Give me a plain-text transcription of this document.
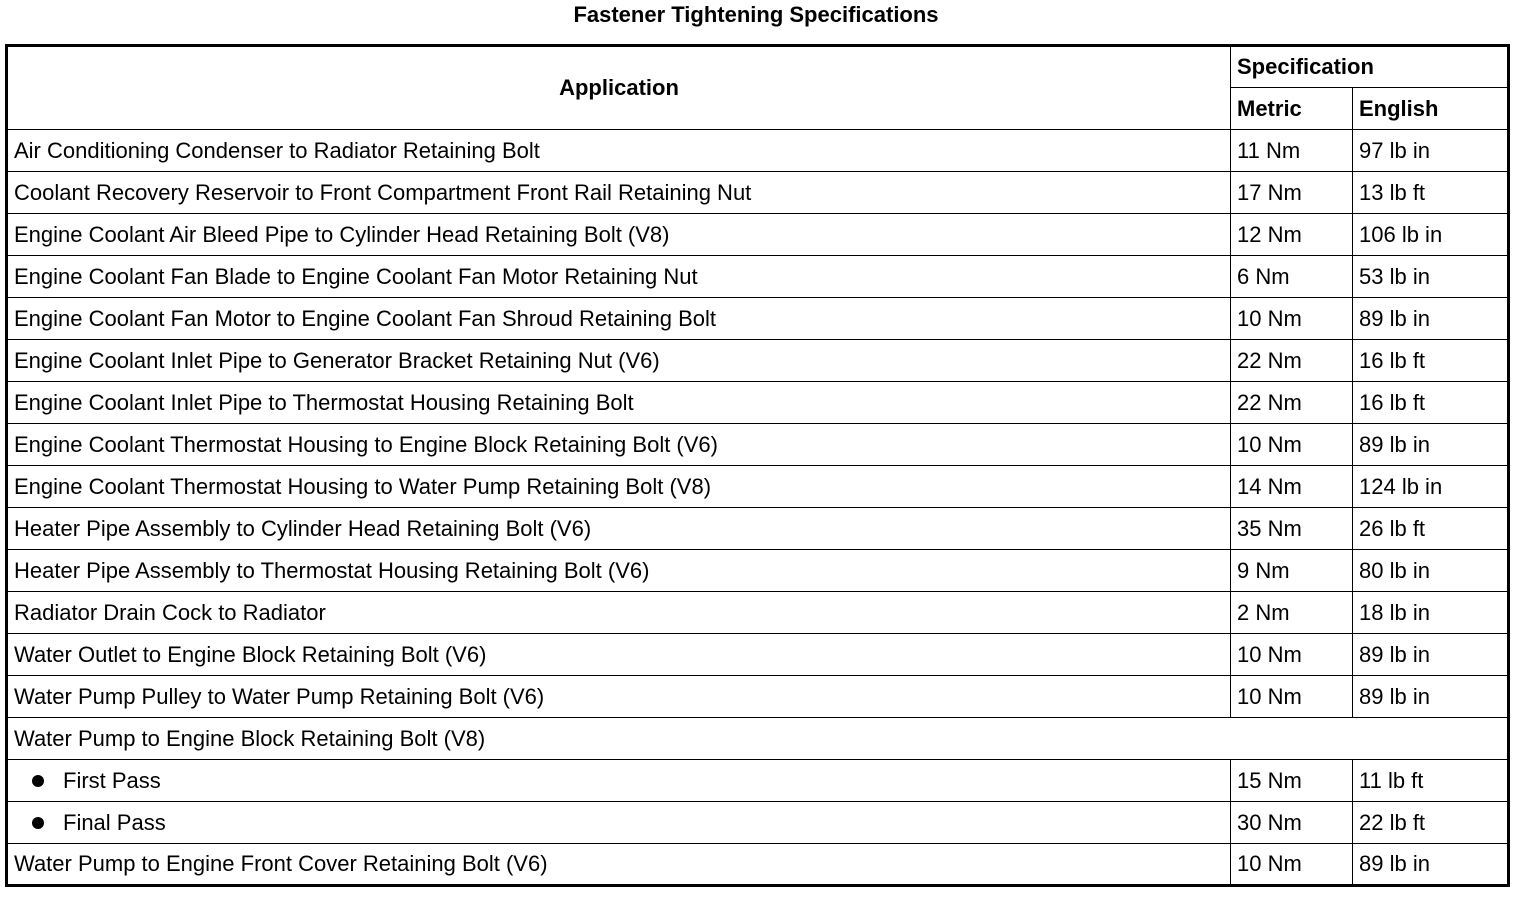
Fastener Tightening Specifications
Application	Specification	
	Metric	English
Air Conditioning Condenser to Radiator Retaining Bolt	11 Nm	97 lb in
Coolant Recovery Reservoir to Front Compartment Front Rail Retaining Nut	17 Nm	13 lb ft
Engine Coolant Air Bleed Pipe to Cylinder Head Retaining Bolt (V8)	12 Nm	106 lb in
Engine Coolant Fan Blade to Engine Coolant Fan Motor Retaining Nut	6 Nm	53 lb in
Engine Coolant Fan Motor to Engine Coolant Fan Shroud Retaining Bolt	10 Nm	89 lb in
Engine Coolant Inlet Pipe to Generator Bracket Retaining Nut (V6)	22 Nm	16 lb ft
Engine Coolant Inlet Pipe to Thermostat Housing Retaining Bolt	22 Nm	16 lb ft
Engine Coolant Thermostat Housing to Engine Block Retaining Bolt (V6)	10 Nm	89 lb in
Engine Coolant Thermostat Housing to Water Pump Retaining Bolt (V8)	14 Nm	124 lb in
Heater Pipe Assembly to Cylinder Head Retaining Bolt (V6)	35 Nm	26 lb ft
Heater Pipe Assembly to Thermostat Housing Retaining Bolt (V6)	9 Nm	80 lb in
Radiator Drain Cock to Radiator	2 Nm	18 lb in
Water Outlet to Engine Block Retaining Bolt (V6)	10 Nm	89 lb in
Water Pump Pulley to Water Pump Retaining Bolt (V6)	10 Nm	89 lb in
Water Pump to Engine Block Retaining Bolt (V8)		

First Pass	15 Nm	11 lb ft

Final Pass	30 Nm	22 lb ft
Water Pump to Engine Front Cover Retaining Bolt (V6)	10 Nm	89 lb in
